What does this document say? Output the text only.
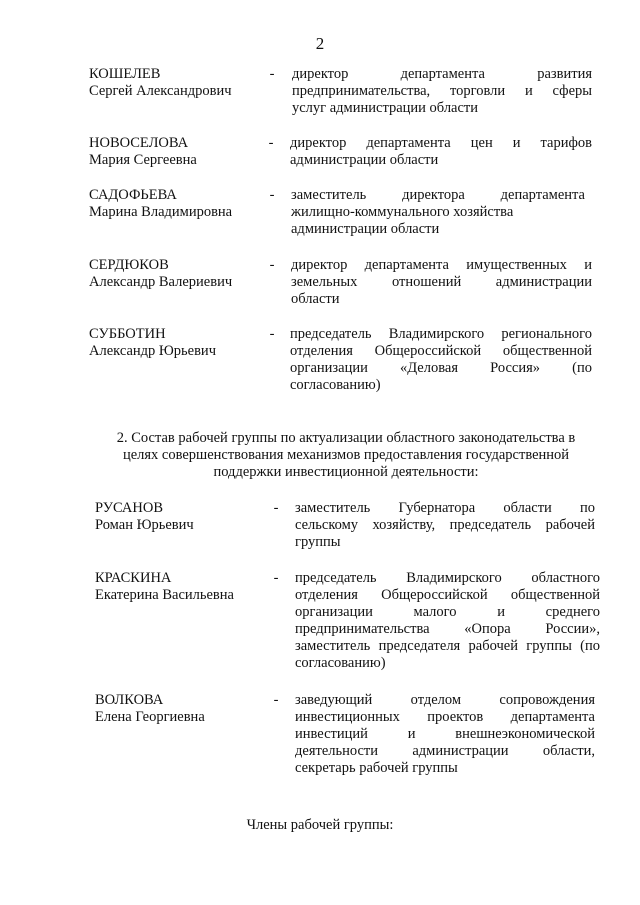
2
КОШЕЛЕВ
Сергей Александрович
- директор департамента развития
предпринимательства, торговли и сферы
услуг администрации области
НОВОСЕЛОВА
Мария Сергеевна
- директор департамента цен и тарифов
администрации области
САДОФЬЕВА
Марина Владимировна
- заместитель директора департамента
жилищно-коммунального хозяйства
администрации области
СЕРДЮКОВ
Александр Валериевич
- директор департамента имущественных и
земельных отношений администрации
области
СУББОТИН
Александр Юрьевич
- председатель Владимирского регионального
отделения Общероссийской общественной
организации «Деловая Россия» (по
согласованию)
2. Состав рабочей группы по актуализации областного законодательства в целях совершенствования механизмов предоставления государственной поддержки инвестиционной деятельности:
РУСАНОВ
Роман Юрьевич
- заместитель Губернатора области по
сельскому хозяйству, председатель рабочей
группы
КРАСКИНА
Екатерина Васильевна
- председатель Владимирского областного
отделения Общероссийской общественной
организации малого и среднего
предпринимательства «Опора России»,
заместитель председателя рабочей группы (по
согласованию)
ВОЛКОВА
Елена Георгиевна
- заведующий отделом сопровождения
инвестиционных проектов департамента
инвестиций и внешнеэкономической
деятельности администрации области,
секретарь рабочей группы
Члены рабочей группы:
